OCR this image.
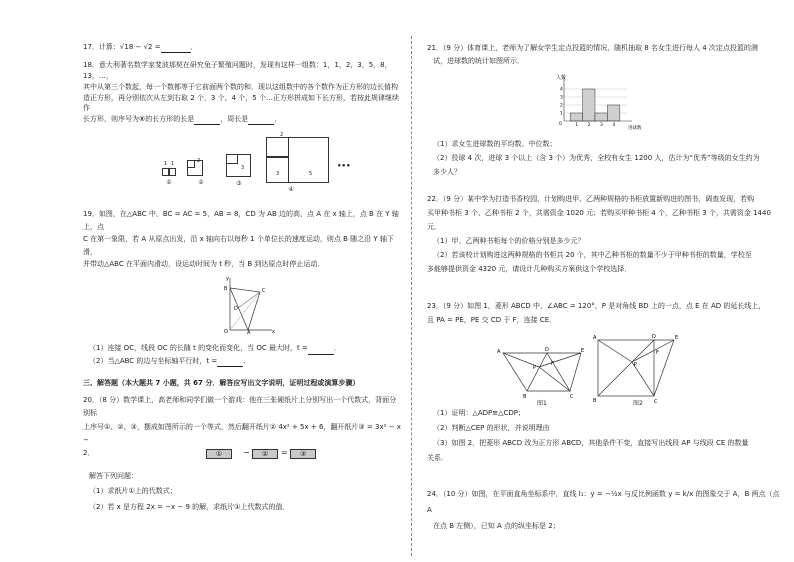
17．计算：√18 − √2 =	．

18．意大利著名数学家斐波那契在研究兔子繁殖问题时，发现有这样一组数：1，1，2，3，5，8，13，…，

其中从第三个数起，每一个数都等于它前面两个数的和．现以这组数中的各个数作为正方形的边长值构

造正方形，再分别依次从左到右取 2 个，3 个，4 个，5 个…正方形拼成如下长方形，若按此规律继续作

长方形，则序号为⑧的长方形的长是	，周长是	．

1 1
①
2
②
3
③
2
3	5
④
•••

19．如图，在△ABC 中，BC = AC = 5，AB = 8，CD 为 AB 边的高，点 A 在 x 轴上，点 B 在 Y 轴上，点

C 在第一象限，若 A 从原点出发，沿 x 轴向右以每秒 1 个单位长的速度运动，则点 B 随之沿 Y 轴下滑，

并带动△ABC 在平面内滑动，设运动时间为 t 秒，当 B 到达原点时停止运动．

y
x
O
B	C
A
D

（1）连接 OC，线段 OC 的长随 t 的变化而变化，当 OC 最大时，t =	．

（2）当△ABC 的边与坐标轴平行时，t =	．

三、解答题（本大题共 7 小题，共 67 分．解答应写出文字说明，证明过程或演算步骤）

20．（8 分）数学课上，高老师和同学们做一个游戏：他在三张硬纸片上分别写出一个代数式，背面分别标

上序号①、②、③，摆成如图所示的一个等式，然后翻开纸片② 4x² + 5x + 6，翻开纸片③ = 3x² − x −

2．	①	−	②	=	③

解答下列问题：

（1）求纸片①上的代数式；

（2）若 x 是方程 2x = −x − 9 的解，求纸片①上代数式的值．

21．（9 分）体育课上，老师为了解女学生定点投篮的情况，随机抽取 8 名女生进行每人 4 次定点投篮的测

试，进球数的统计如图所示．

1
2
3
4
1 2 3 4
人数
进球数
0

（1）求女生进球数的平均数、中位数；

（2）投球 4 次，进球 3 个以上（含 3 个）为优秀，全校有女生 1200 人，估计为“优秀”等级的女生约为

多少人？

22．（9 分）某中学为打造书香校园，计划购进甲、乙两种规格的书柜放置新购进的图书，调查发现，若购

买甲种书柜 3 个、乙种书柜 2 个，共需资金 1020 元；若购买甲种书柜 4 个，乙种书柜 3 个，共需资金 1440

元．

（1）甲、乙两种书柜每个的价格分别是多少元？

（2）若该校计划购进这两种规格的书柜共 20 个，其中乙种书柜的数量不少于甲种书柜的数量，学校至

多能够提供资金 4320 元，请设计几种购买方案供这个学校选择．

23．（9 分）如图 1，菱形 ABCD 中，∠ABC = 120°，P 是对角线 BD 上的一点，点 E 在 AD 的延长线上，

且 PA = PE，PE 交 CD 于 F，连接 CE．

A	D	E
P
F
B	C
图1
A	D	E
P
F
B	C
图2

（1）证明：△ADP≌△CDP；

（2）判断△CEP 的形状，并说明理由

（3）如图 2，把菱形 ABCD 改为正方形 ABCD，其他条件不变，直接写出线段 AP 与线段 CE 的数量

关系．

24．（10 分）如图，在平面直角坐标系中，直线 l₁：y = −½x 与反比例函数 y = k/x 的图象交于 A，B 两点（点 A

在点 B 左侧），已知 A 点的纵坐标是 2；
